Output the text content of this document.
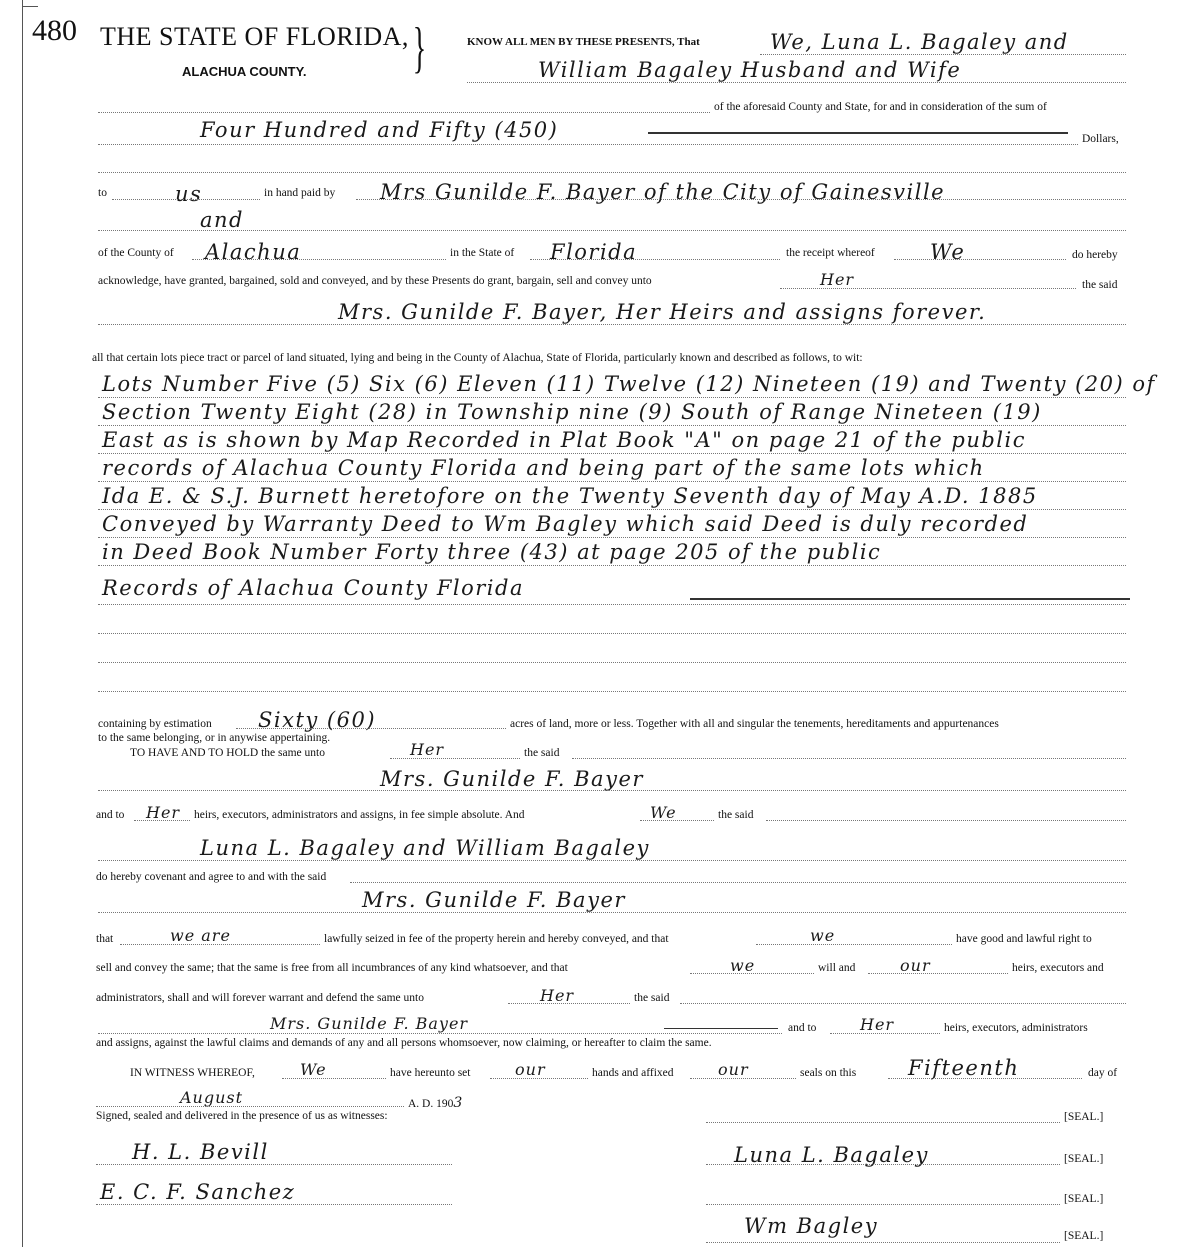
480 THE STATE OF FLORIDA, }
ALACHUA COUNTY.
KNOW ALL MEN BY THESE PRESENTS, That	We, Luna L. Bagaley and
William Bagaley Husband and Wife
of the aforesaid County and State, for and in consideration of the sum of
Four Hundred and Fifty (450)	Dollars,
to	us	in hand paid by Mrs Gunilde F. Bayer of the City of Gainesville
and
of the County of Alachua	in the State of Florida	the receipt whereof	We	do hereby
acknowledge, have granted, bargained, sold and conveyed, and by these Presents do grant, bargain, sell and convey unto	Her	the said
Mrs. Gunilde F. Bayer, Her Heirs and assigns forever.
all that certain lots piece tract or parcel of land situated, lying and being in the County of Alachua, State of Florida, particularly known and described as follows, to wit:
Lots Number Five (5) Six (6) Eleven (11) Twelve (12) Nineteen (19) and Twenty (20) of
Section Twenty Eight (28) in Township nine (9) South of Range Nineteen (19)
East as is shown by Map Recorded in Plat Book "A" on page 21 of the public
records of Alachua County Florida and being part of the same lots which
Ida E. & S.J. Burnett heretofore on the Twenty Seventh day of May A.D. 1885
Conveyed by Warranty Deed to Wm Bagley which said Deed is duly recorded
in Deed Book Number Forty three (43) at page 205 of the public
Records of Alachua County Florida
containing by estimation Sixty (60)	acres of land, more or less. Together with all and singular the tenements, hereditaments and appurtenances
to the same belonging, or in anywise appertaining.
TO HAVE AND TO HOLD the same unto	Her	the said
Mrs. Gunilde F. Bayer
and to Her heirs, executors, administrators and assigns, in fee simple absolute. And	We	the said
Luna L. Bagaley and William Bagaley
do hereby covenant and agree to and with the said
Mrs. Gunilde F. Bayer
that	we are	lawfully seized in fee of the property herein and hereby conveyed, and that	we	have good and lawful right to
sell and convey the same; that the same is free from all incumbrances of any kind whatsoever, and that	we	will and	our	heirs, executors and
administrators, shall and will forever warrant and defend the same unto	Her	the said
Mrs. Gunilde F. Bayer	and to	Her	heirs, executors, administrators
and assigns, against the lawful claims and demands of any and all persons whomsoever, now claiming, or hereafter to claim the same.
IN WITNESS WHEREOF,	We	have hereunto set	our	hands and affixed	our	seals on this Fifteenth	day of
August	A. D. 1903
Signed, sealed and delivered in the presence of us as witnesses:	[SEAL.]
H. L. Bevill	Luna L. Bagaley	[SEAL.]
E. C. F. Sanchez	[SEAL.]
Wm Bagley	[SEAL.]
